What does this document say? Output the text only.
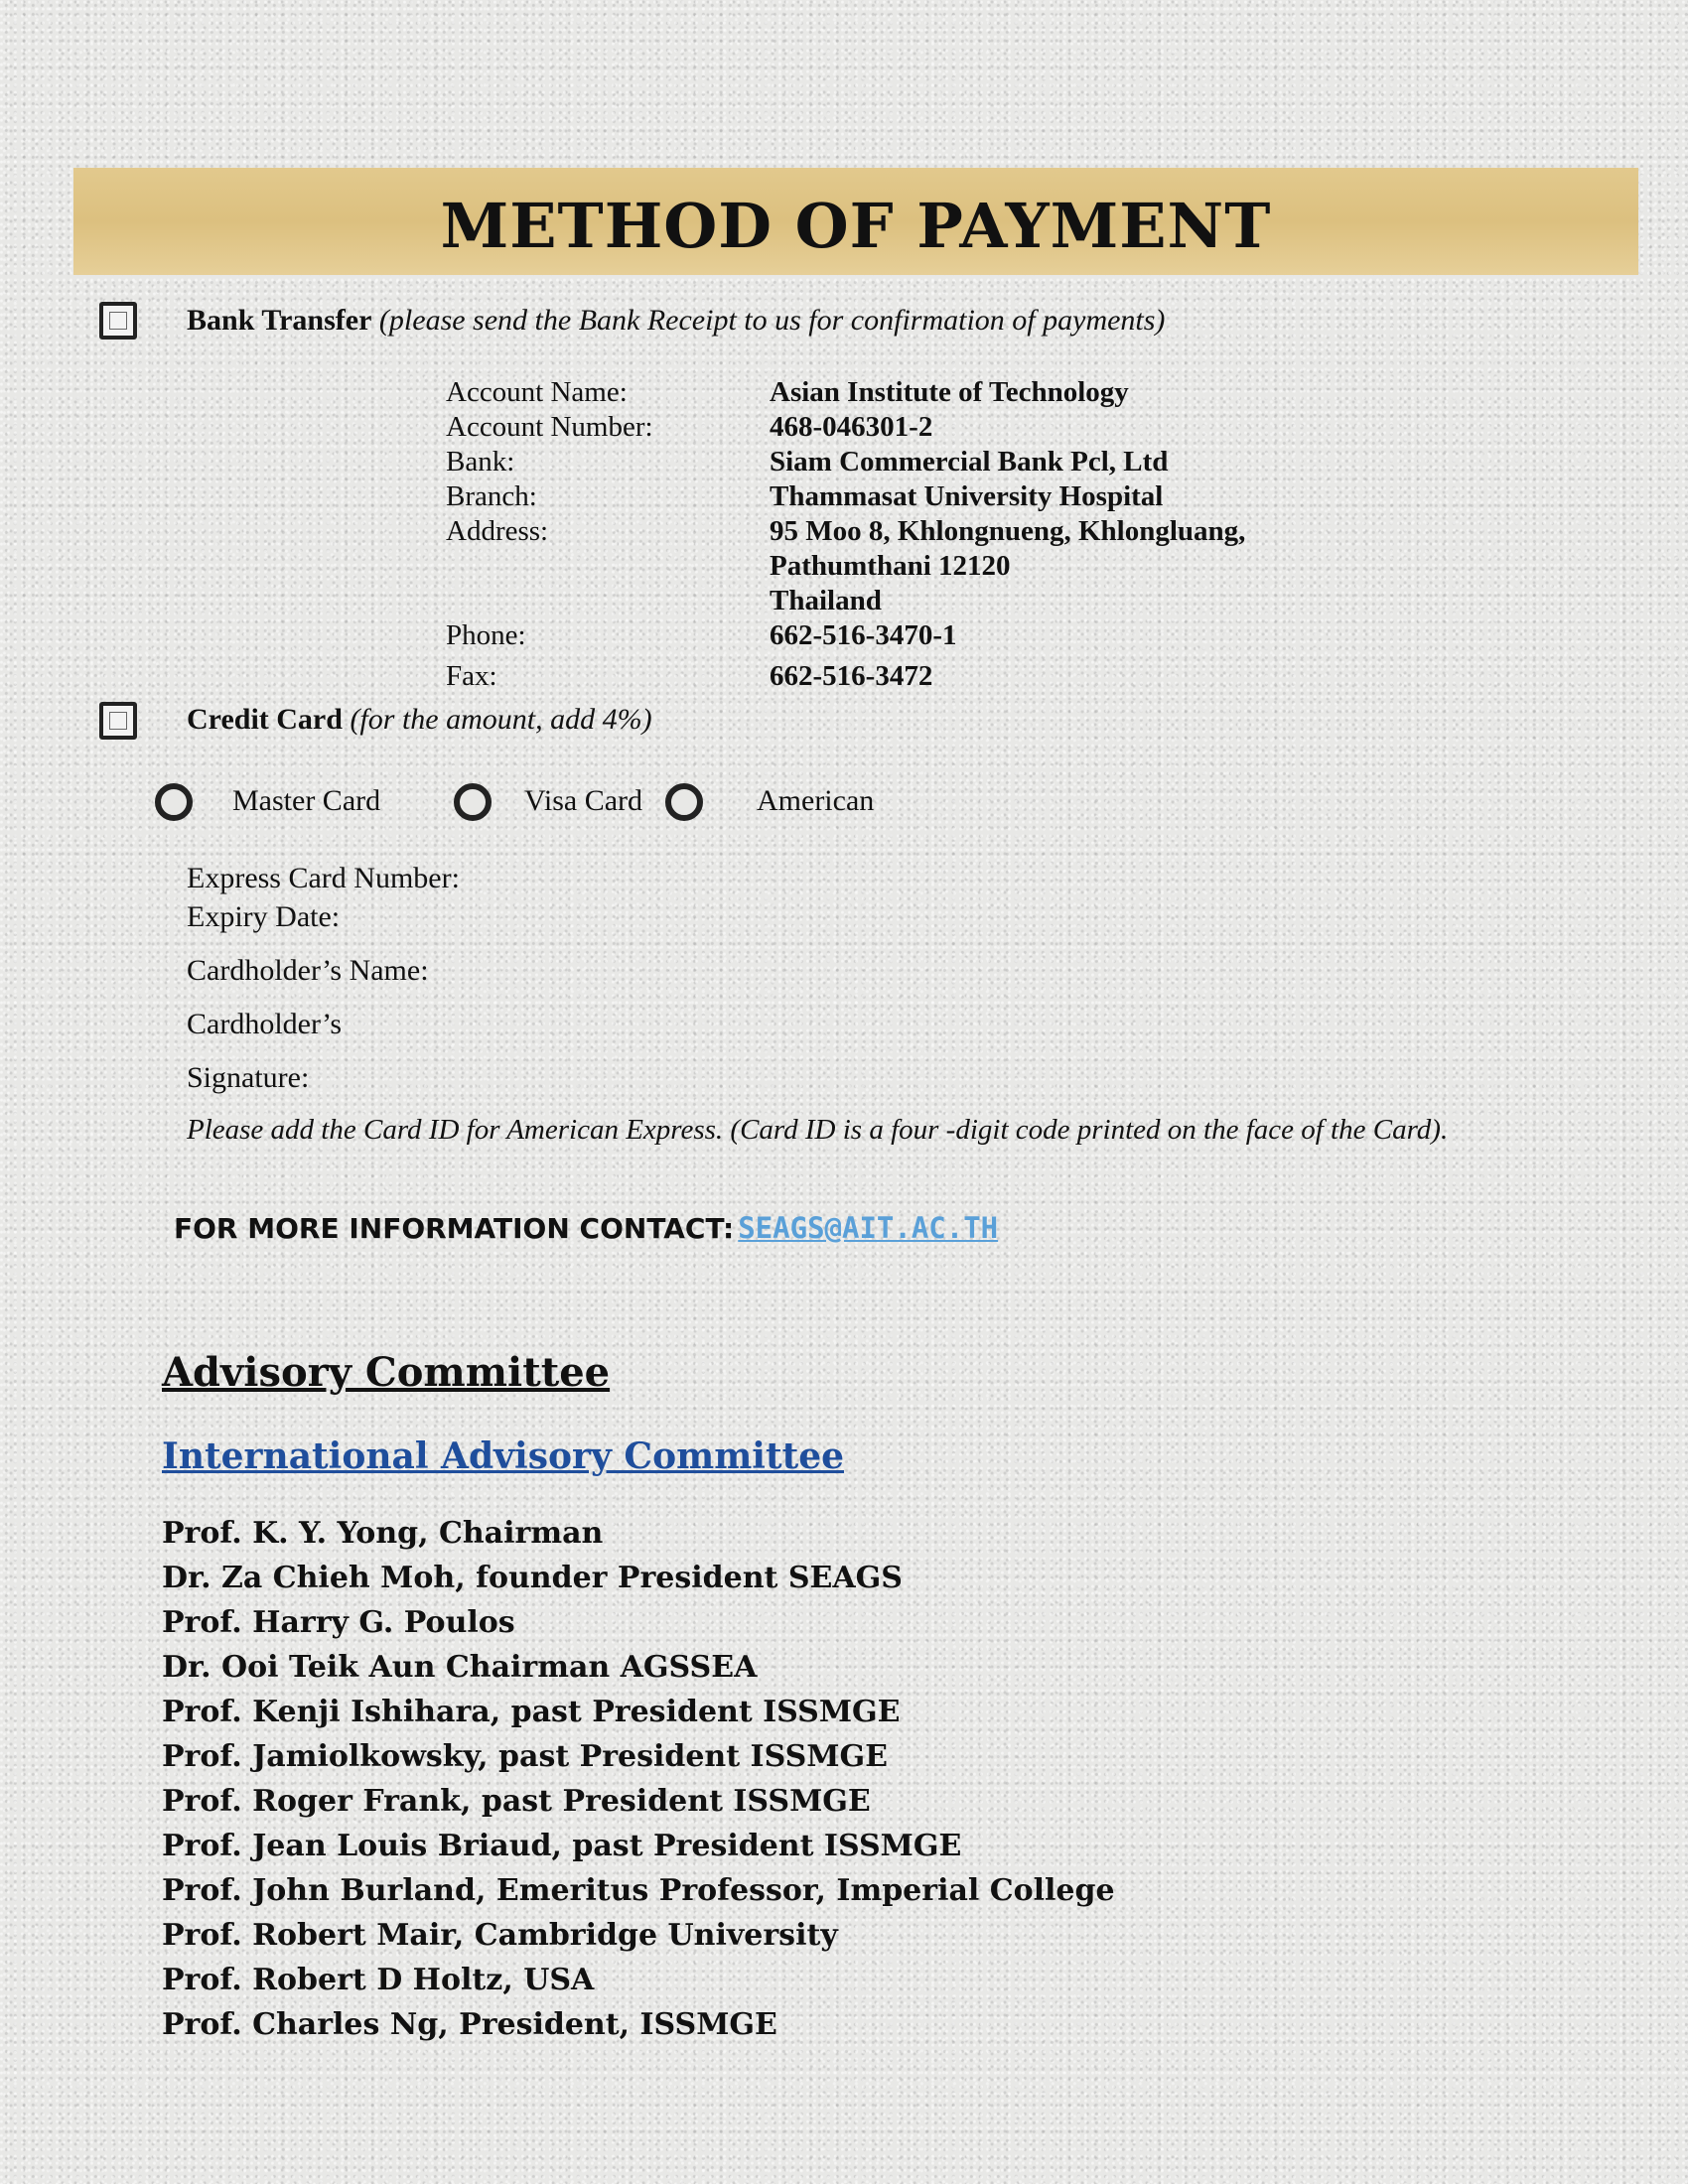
METHOD OF PAYMENT
Bank Transfer (please send the Bank Receipt to us for confirmation of payments)
Account Name:	Asian Institute of Technology
Account Number:	468-046301-2
Bank:	Siam Commercial Bank Pcl, Ltd
Branch:	Thammasat University Hospital
Address:	95 Moo 8, Khlongnueng, Khlongluang,
Pathumthani 12120
Thailand
Phone:	662-516-3470-1
Fax:	662-516-3472
Credit Card (for the amount, add 4%)
Master Card	Visa Card	American
Express Card Number:
Expiry Date:
Cardholder’s Name:
Cardholder’s
Signature:
Please add the Card ID for American Express. (Card ID is a four -digit code printed on the face of the Card).
FOR MORE INFORMATION CONTACT: SEAGS@AIT.AC.TH
Advisory Committee
International Advisory Committee
Prof. K. Y. Yong, Chairman
Dr. Za Chieh Moh, founder President SEAGS
Prof. Harry G. Poulos
Dr. Ooi Teik Aun Chairman AGSSEA
Prof. Kenji Ishihara, past President ISSMGE
Prof. Jamiolkowsky, past President ISSMGE
Prof. Roger Frank, past President ISSMGE
Prof. Jean Louis Briaud, past President ISSMGE
Prof. John Burland, Emeritus Professor, Imperial College
Prof. Robert Mair, Cambridge University
Prof. Robert D Holtz, USA
Prof. Charles Ng, President, ISSMGE
